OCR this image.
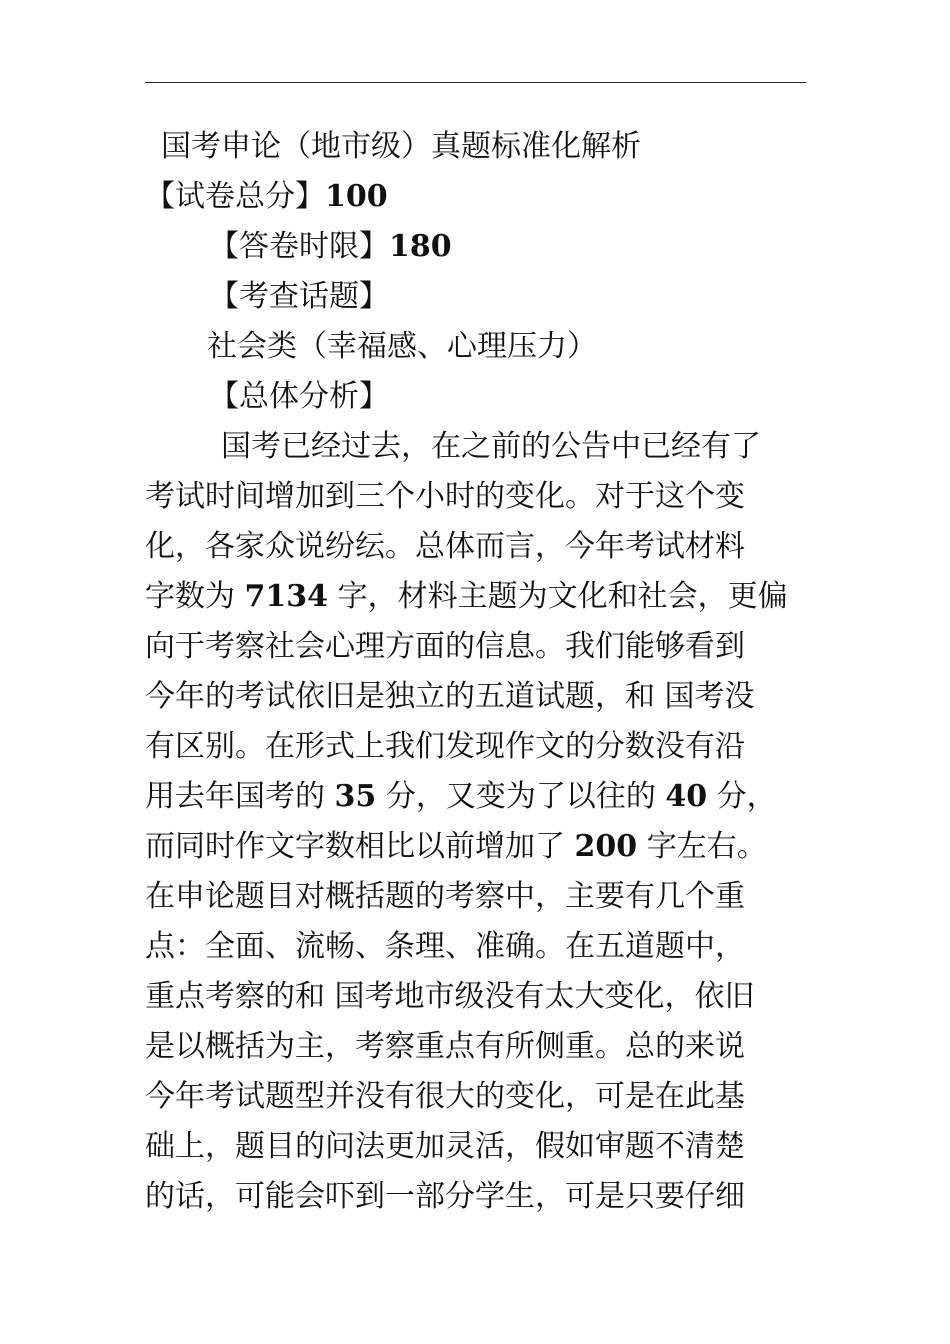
国考申论（地市级）真题标准化解析
【试卷总分】100
【答卷时限】180
【考查话题】
社会类（幸福感、心理压力）
【总体分析】
国考已经过去，在之前的公告中已经有了
考试时间增加到三个小时的变化。对于这个变
化，各家众说纷纭。总体而言，今年考试材料
字数为 7134 字，材料主题为文化和社会，更偏
向于考察社会心理方面的信息。我们能够看到
今年的考试依旧是独立的五道试题，和 国考没
有区别。在形式上我们发现作文的分数没有沿
用去年国考的 35 分，又变为了以往的 40 分，
而同时作文字数相比以前增加了 200 字左右。
在申论题目对概括题的考察中，主要有几个重
点：全面、流畅、条理、准确。在五道题中，
重点考察的和 国考地市级没有太大变化，依旧
是以概括为主，考察重点有所侧重。总的来说
今年考试题型并没有很大的变化，可是在此基
础上，题目的问法更加灵活，假如审题不清楚
的话，可能会吓到一部分学生，可是只要仔细
